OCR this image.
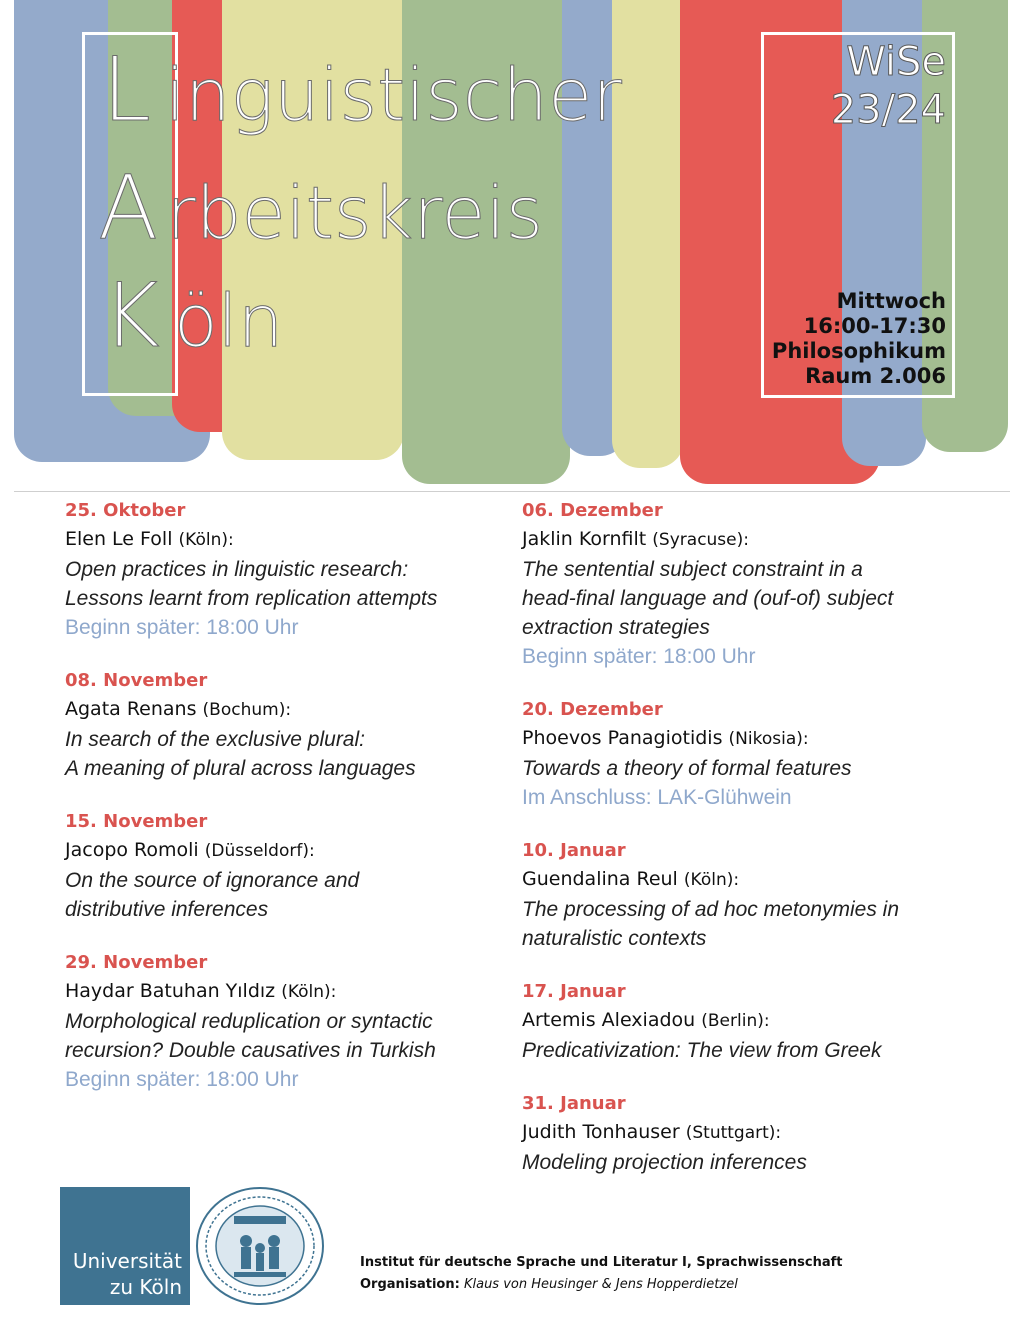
L inguistischer
A rbeitskreis
K öln
WiSe
23/24
Mittwoch
16:00-17:30
Philosophikum
Raum 2.006
25. Oktober
Elen Le Foll (Köln):
Open practices in linguistic research:
Lessons learnt from replication attempts
Beginn später: 18:00 Uhr
08. November
Agata Renans (Bochum):
In search of the exclusive plural:
A meaning of plural across languages
15. November
Jacopo Romoli (Düsseldorf):
On the source of ignorance and
distributive inferences
29. November
Haydar Batuhan Yıldız (Köln):
Morphological reduplication or syntactic
recursion? Double causatives in Turkish
Beginn später: 18:00 Uhr
06. Dezember
Jaklin Kornfilt (Syracuse):
The sentential subject constraint in a
head-final language and (ouf-of) subject
extraction strategies
Beginn später: 18:00 Uhr
20. Dezember
Phoevos Panagiotidis (Nikosia):
Towards a theory of formal features
Im Anschluss: LAK-Glühwein
10. Januar
Guendalina Reul (Köln):
The processing of ad hoc metonymies in
naturalistic contexts
17. Januar
Artemis Alexiadou (Berlin):
Predicativization: The view from Greek
31. Januar
Judith Tonhauser (Stuttgart):
Modeling projection inferences
Universität
zu Köln
Institut für deutsche Sprache und Literatur I, Sprachwissenschaft
Organisation: Klaus von Heusinger & Jens Hopperdietzel
